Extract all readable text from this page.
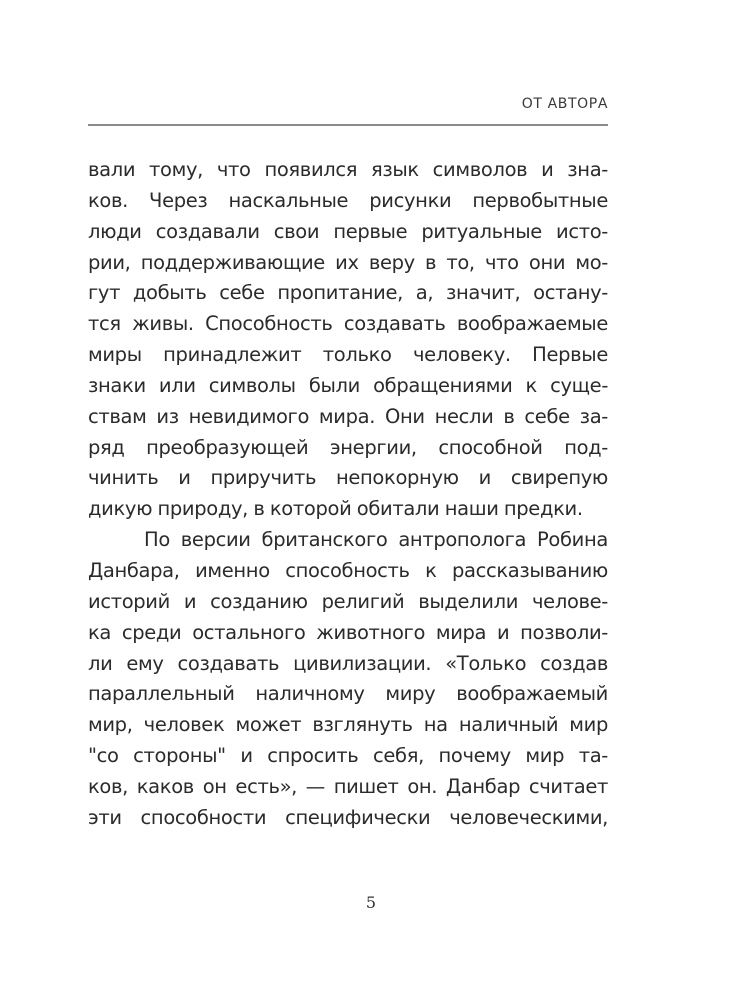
ОТ АВТОРА
вали тому, что появился язык символов и зна-
ков. Через наскальные рисунки первобытные
люди создавали свои первые ритуальные исто-
рии, поддерживающие их веру в то, что они мо-
гут добыть себе пропитание, а, значит, остану-
тся живы. Способность создавать воображаемые
миры принадлежит только человеку. Первые
знаки или символы были обращениями к суще-
ствам из невидимого мира. Они несли в себе за-
ряд преобразующей энергии, способной под-
чинить и приручить непокорную и свирепую
дикую природу, в которой обитали наши предки.
По версии британского антрополога Робина
Данбара, именно способность к рассказыванию
историй и созданию религий выделили челове-
ка среди остального животного мира и позволи-
ли ему создавать цивилизации. «Только создав
параллельный наличному миру воображаемый
мир, человек может взглянуть на наличный мир
"со стороны" и спросить себя, почему мир та-
ков, каков он есть», — пишет он. Данбар считает
эти способности специфически человеческими,
5
